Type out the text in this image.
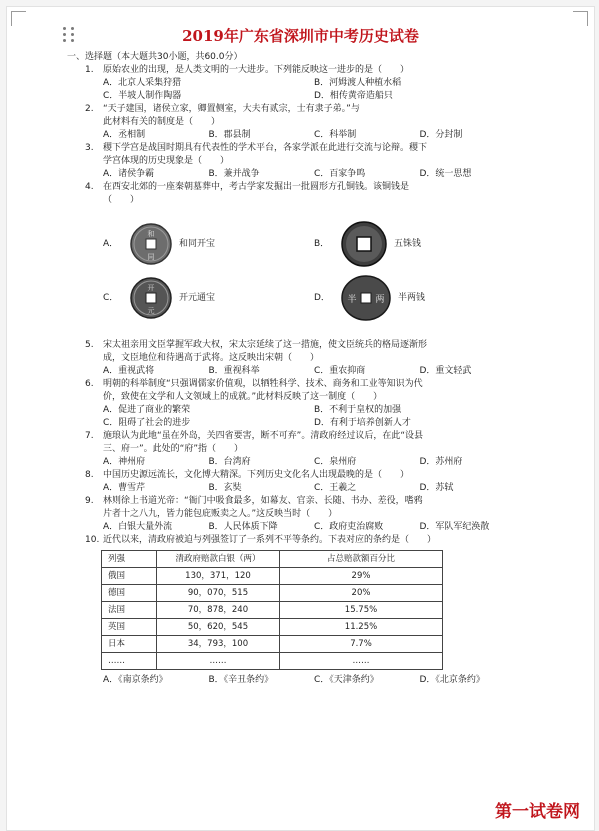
2019年广东省深圳市中考历史试卷
一、选择题（本大题共30小题，共60.0分）
1. 原始农业的出现，是人类文明的一大进步。下列能反映这一进步的是（　　）
A．北京人采集狩猎	B．河姆渡人种植水稻
C．半坡人制作陶器	D．相传黄帝造船只
2. “天子建国，诸侯立家，卿置侧室，大夫有贰宗，士有隶子弟。”与
此材料有关的制度是（　　）
A．丞相制	B．郡县制	C．科举制	D．分封制
3. 稷下学宫是战国时期具有代表性的学术平台，各家学派在此进行交流与论辩。稷下
学宫体现的历史现象是（　　）
A．诸侯争霸	B．兼并战争	C．百家争鸣	D．统一思想
4. 在西安北郊的一座秦朝墓葬中，考古学家发掘出一批圆形方孔铜钱。该铜钱是
（　　）
A．
和
同
和同开宝	B．	五铢钱
C．
开
元
开元通宝	D．	半 两 半两钱
5. 宋太祖亲用文臣掌握军政大权，宋太宗延续了这一措施，使文臣统兵的格局逐渐形
成，文臣地位和待遇高于武将。这反映出宋朝（　　）
A．重视武将	B．重视科举	C．重农抑商	D．重文轻武
6. 明朝的科举制度“只强调儒家价值观，以牺牲科学、技术、商务和工业等知识为代
价，致使在文学和人文领域上的成就。”此材料反映了这一制度（　　）
A．促进了商业的繁荣	B．不利于皇权的加强
C．阻碍了社会的进步	D．有利于培养创新人才
7. 施琅认为此地“虽在外岛，关四省要害，断不可弃”。清政府经过议后，在此“设县
三、府一”。此处的“府”指（　　）
A．神州府	B．台湾府	C．泉州府	D．苏州府
8. 中国历史源远流长，文化博大精深。下列历史文化名人出现最晚的是（　　）
A．曹雪芹	B．玄奘	C．王羲之	D．苏轼
9. 林则徐上书道光帝：“衙门中吸食最多，如幕友、官亲、长随、书办、差役，嗜鸦
片者十之八九，皆力能包庇贩卖之人。”这反映当时（　　）
A．白银大量外流	B．人民体质下降	C．政府吏治腐败	D．军队军纪涣散
10. 近代以来，清政府被迫与列强签订了一系列不平等条约。下表对应的条约是（　　）
列强	清政府赔款白银（两）	占总赔款额百分比
俄国	130，371，120	29%
德国	90，070，515	20%
法国	70，878，240	15.75%
英国	50，620，545	11.25%
日本	34，793，100	7.7%
……	……	……
A．《南京条约》	B．《辛丑条约》	C．《天津条约》	D．《北京条约》
第一试卷网
